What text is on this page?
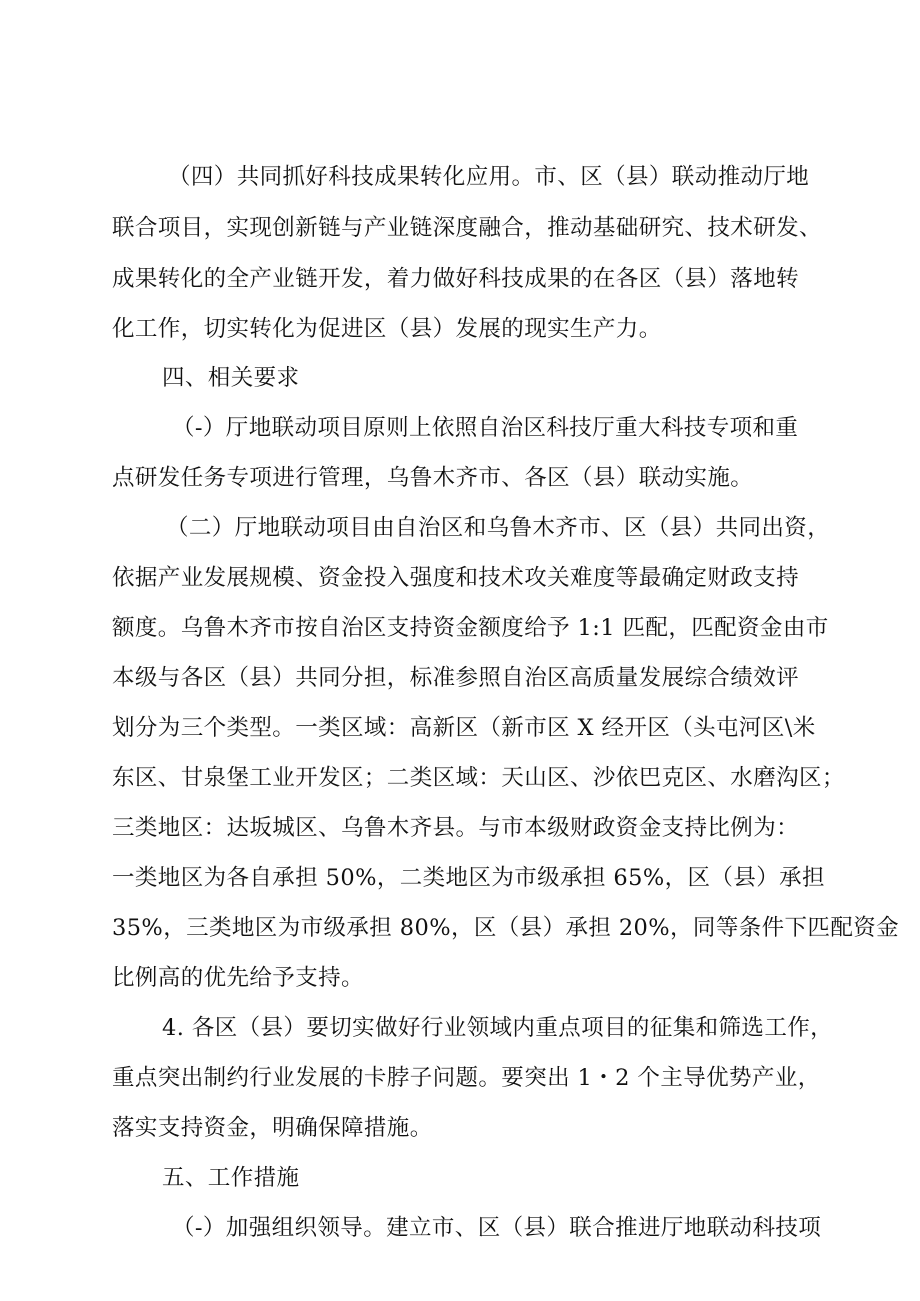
（四）共同抓好科技成果转化应用。市、区（县）联动推动厅地
联合项目，实现创新链与产业链深度融合，推动基础研究、技术研发、
成果转化的全产业链开发，着力做好科技成果的在各区（县）落地转
化工作，切实转化为促进区（县）发展的现实生产力。
四、相关要求
（-）厅地联动项目原则上依照自治区科技厅重大科技专项和重
点研发任务专项进行管理，乌鲁木齐市、各区（县）联动实施。
（二）厅地联动项目由自治区和乌鲁木齐市、区（县）共同出资，
依据产业发展规模、资金投入强度和技术攻关难度等最确定财政支持
额度。乌鲁木齐市按自治区支持资金额度给予 1:1 匹配，匹配资金由市
本级与各区（县）共同分担，标准参照自治区高质量发展综合绩效评
划分为三个类型。一类区域：高新区（新市区 X 经开区（头屯河区\米
东区、甘泉堡工业开发区；二类区域：天山区、沙依巴克区、水磨沟区；
三类地区：达坂城区、乌鲁木齐县。与市本级财政资金支持比例为：
一类地区为各自承担 50%，二类地区为市级承担 65%，区（县）承担
35%，三类地区为市级承担 80%，区（县）承担 20%，同等条件下匹配资金
比例高的优先给予支持。
4. 各区（县）要切实做好行业领域内重点项目的征集和筛选工作，
重点突出制约行业发展的卡脖子问题。要突出 1・2 个主导优势产业，
落实支持资金，明确保障措施。
五、工作措施
（-）加强组织领导。建立市、区（县）联合推进厅地联动科技项
